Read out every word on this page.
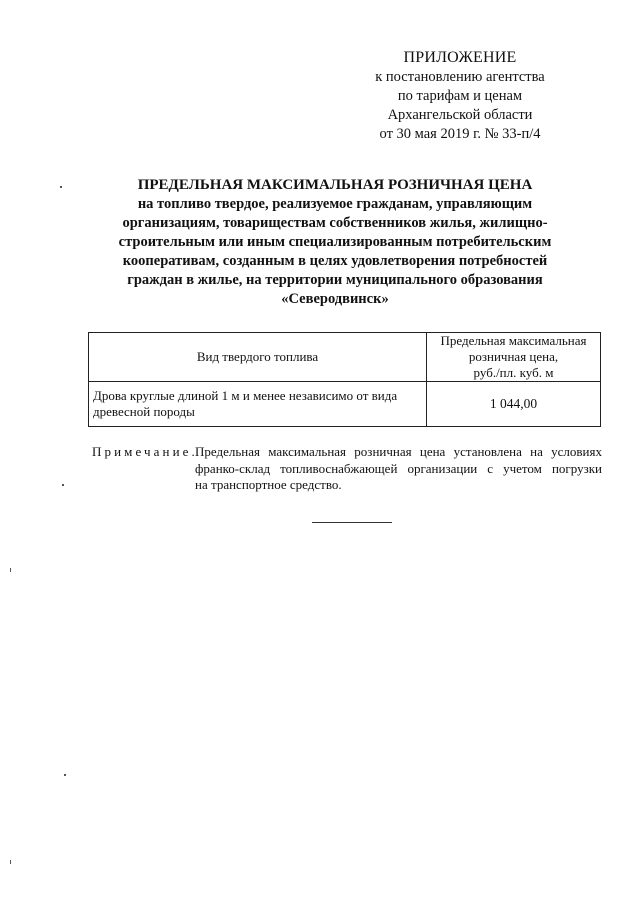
ПРИЛОЖЕНИЕ
к постановлению агентства
по тарифам и ценам
Архангельской области
от 30 мая 2019 г. № 33-п/4
ПРЕДЕЛЬНАЯ МАКСИМАЛЬНАЯ РОЗНИЧНАЯ ЦЕНА
на топливо твердое, реализуемое гражданам, управляющим
организациям, товариществам собственников жилья, жилищно-
строительным или иным специализированным потребительским
кооперативам, созданным в целях удовлетворения потребностей
граждан в жилье, на территории муниципального образования
«Северодвинск»
Вид твердого топлива	Предельная максимальная
розничная цена,
руб./пл. куб. м

Дрова круглые длиной 1 м и менее независимо от вида
древесной породы	1 044,00
Примечание.
Предельная максимальная розничная цена установлена на условиях
франко-склад топливоснабжающей организации с учетом погрузки
на транспортное средство.
